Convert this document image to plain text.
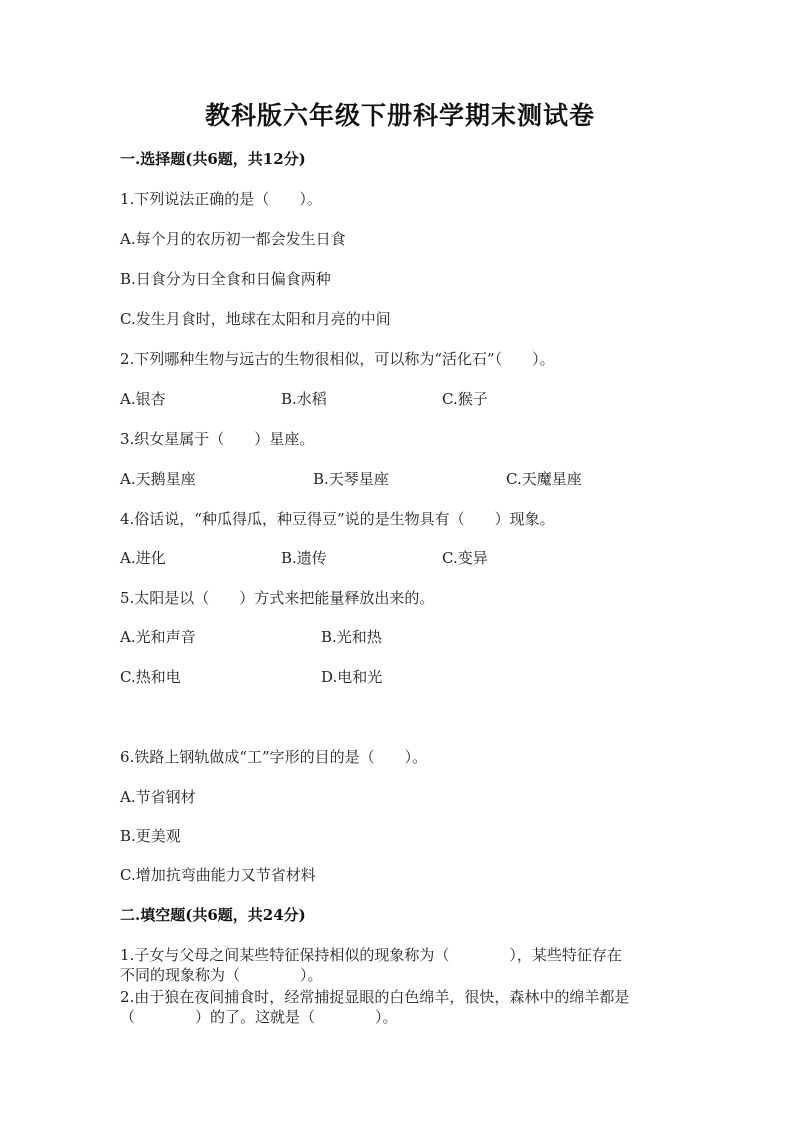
教科版六年级下册科学期末测试卷
一.选择题(共6题，共12分)
1.下列说法正确的是（　　）。
A.每个月的农历初一都会发生日食
B.日食分为日全食和日偏食两种
C.发生月食时，地球在太阳和月亮的中间
2.下列哪种生物与远古的生物很相似，可以称为“活化石”（　　）。
A.银杏	B.水稻	C.猴子
3.织女星属于（　　）星座。
A.天鹅星座	B.天琴星座	C.天魔星座
4.俗话说，“种瓜得瓜，种豆得豆”说的是生物具有（　　）现象。
A.进化	B.遗传	C.变异
5.太阳是以（　　）方式来把能量释放出来的。
A.光和声音	B.光和热
C.热和电	D.电和光
6.铁路上钢轨做成“工”字形的目的是（　　）。
A.节省钢材
B.更美观
C.增加抗弯曲能力又节省材料
二.填空题(共6题，共24分)
1.子女与父母之间某些特征保持相似的现象称为（　　　　），某些特征存在
不同的现象称为（　　　　）。
2.由于狼在夜间捕食时，经常捕捉显眼的白色绵羊，很快，森林中的绵羊都是
（　　　　）的了。这就是（　　　　）。
